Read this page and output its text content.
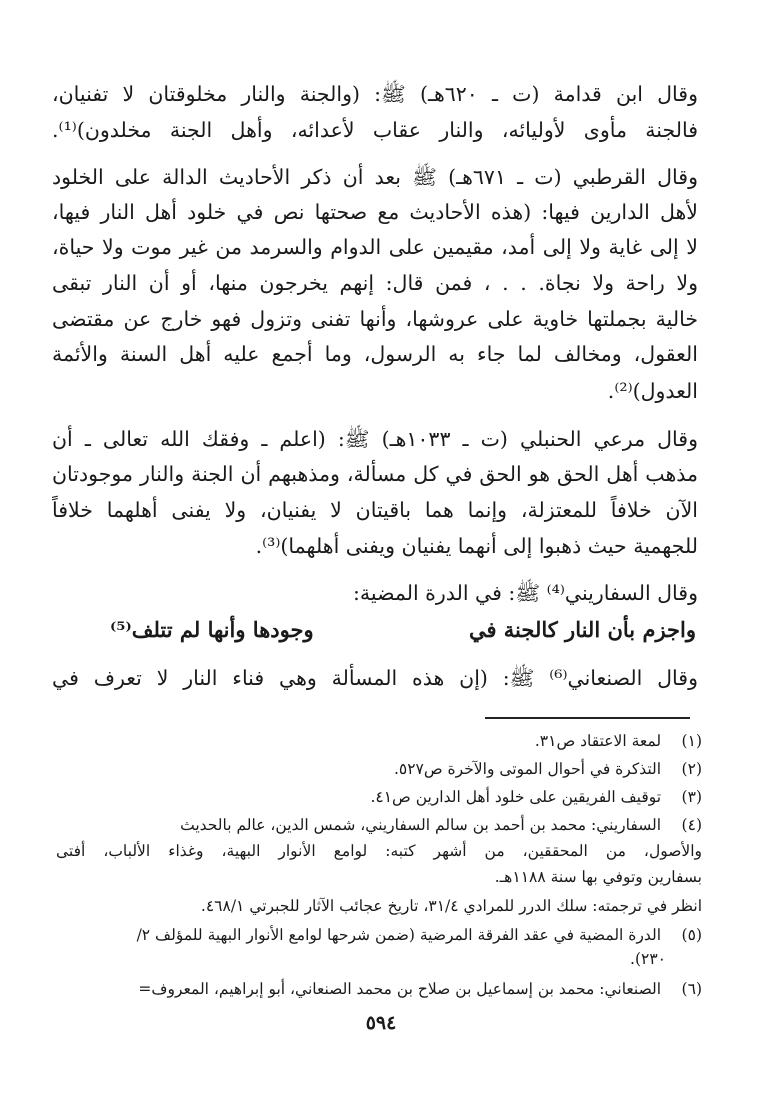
وقال ابن قدامة (ت ـ ٦٢٠هـ) ﷺ: (والجنة والنار مخلوقتان لا تفنيان،
فالجنة مأوى لأوليائه، والنار عقاب لأعدائه، وأهل الجنة مخلدون)⁽¹⁾.
وقال القرطبي (ت ـ ٦٧١هـ) ﷺ بعد أن ذكر الأحاديث الدالة على الخلود
لأهل الدارين فيها: (هذه الأحاديث مع صحتها نص في خلود أهل النار فيها،
لا إلى غاية ولا إلى أمد، مقيمين على الدوام والسرمد من غير موت ولا حياة،
ولا راحة ولا نجاة. . . ، فمن قال: إنهم يخرجون منها، أو أن النار تبقى
خالية بجملتها خاوية على عروشها، وأنها تفنى وتزول فهو خارج عن مقتضى
العقول، ومخالف لما جاء به الرسول، وما أجمع عليه أهل السنة والأئمة
العدول)⁽²⁾.
وقال مرعي الحنبلي (ت ـ ١٠٣٣هـ) ﷺ: (اعلم ـ وفقك الله تعالى ـ أن
مذهب أهل الحق هو الحق في كل مسألة، ومذهبهم أن الجنة والنار موجودتان
الآن خلافاً للمعتزلة، وإنما هما باقيتان لا يفنيان، ولا يفنى أهلهما خلافاً
للجهمية حيث ذهبوا إلى أنهما يفنيان ويفنى أهلهما)⁽³⁾.
وقال السفاريني⁽⁴⁾ ﷺ: في الدرة المضية:
واجزم بأن النار كالجنة في
وجودها وأنها لم تتلف⁽⁵⁾
وقال الصنعاني⁽⁶⁾ ﷺ: (إن هذه المسألة وهي فناء النار لا تعرف في
(١) لمعة الاعتقاد ص٣١.
(٢) التذكرة في أحوال الموتى والآخرة ص٥٢٧.
(٣) توقيف الفريقين على خلود أهل الدارين ص٤١.
(٤) السفاريني: محمد بن أحمد بن سالم السفاريني، شمس الدين، عالم بالحديث
والأصول، من المحققين، من أشهر كتبه: لوامع الأنوار البهية، وغذاء الألباب، أفتى
بسفارين وتوفي بها سنة ١١٨٨هـ.
انظر في ترجمته: سلك الدرر للمرادي ٣١/٤، تاريخ عجائب الآثار للجبرتي ٤٦٨/١.
(٥) الدرة المضية في عقد الفرقة المرضية (ضمن شرحها لوامع الأنوار البهية للمؤلف ٢/
٢٣٠).
(٦) الصنعاني: محمد بن إسماعيل بن صلاح بن محمد الصنعاني، أبو إبراهيم، المعروف=
٥٩٤
